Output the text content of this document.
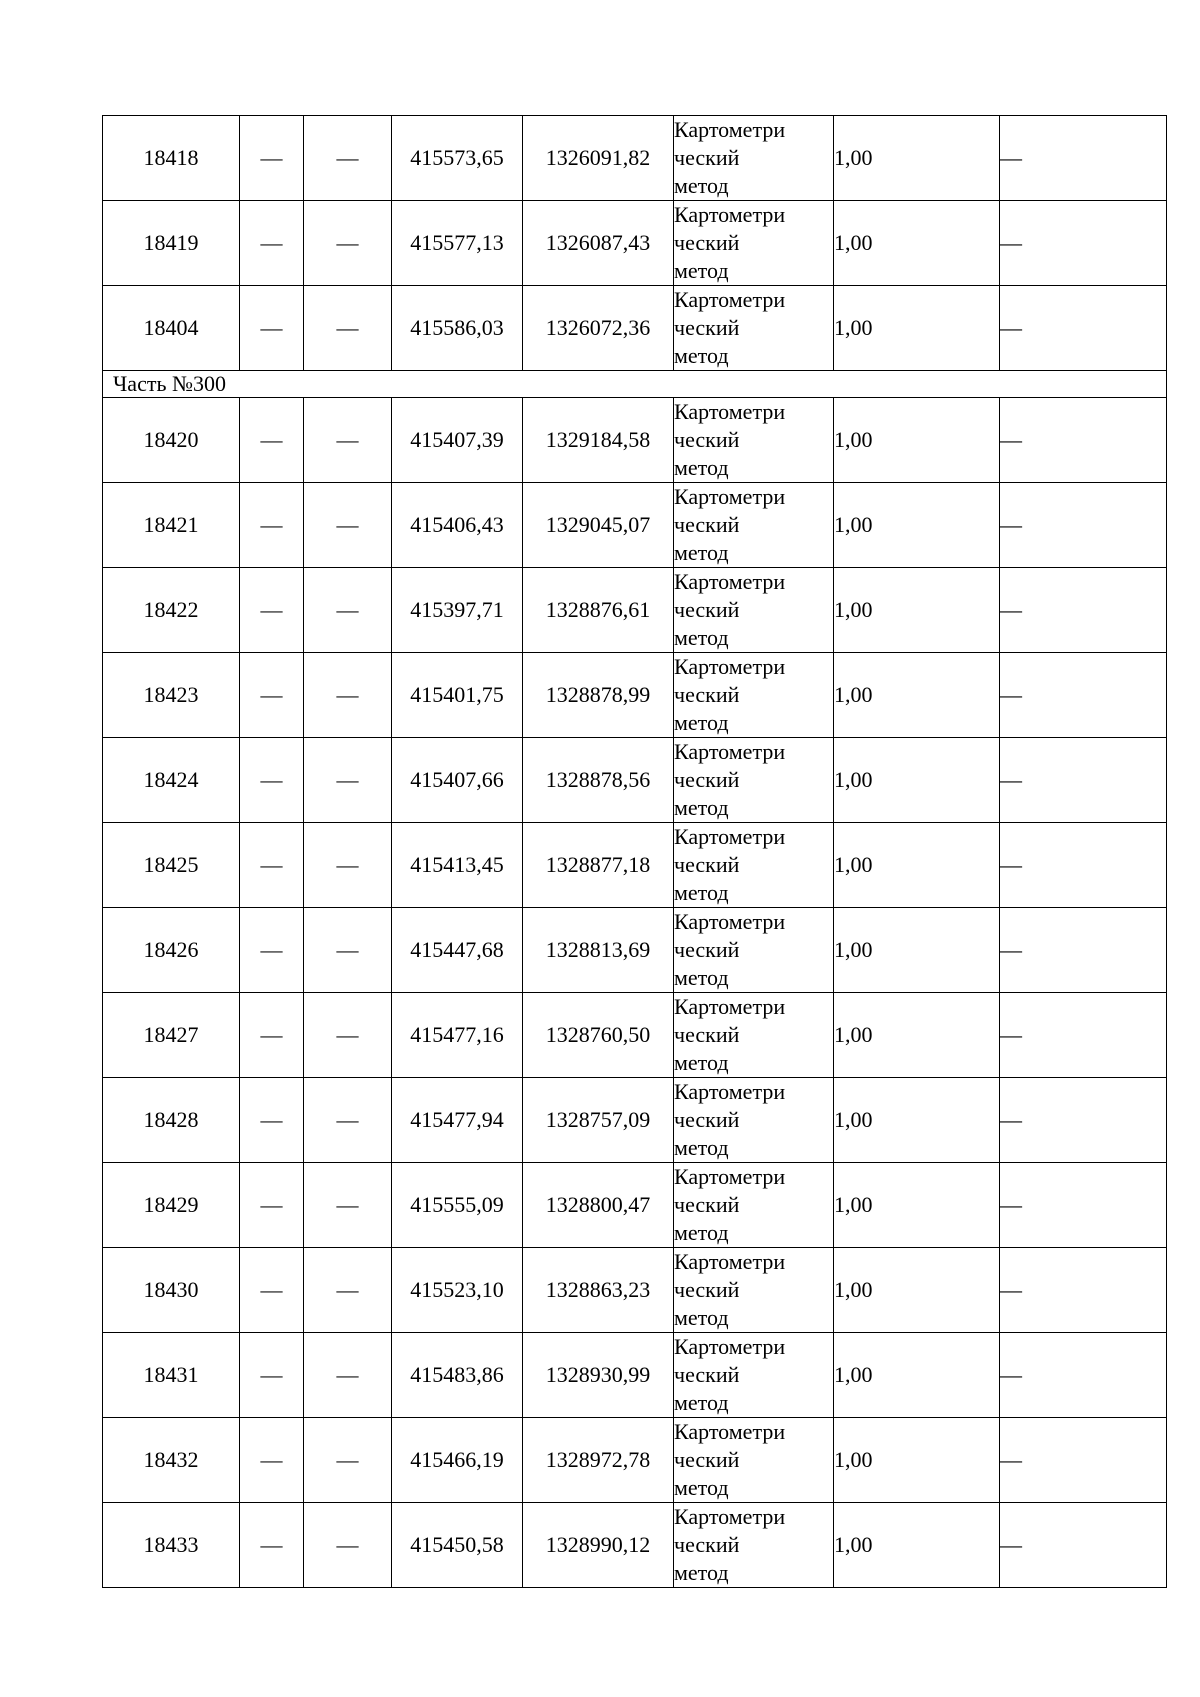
18418	—	—	415573,65	1326091,82	Картометри
ческий
метод	1,00	—
18419	—	—	415577,13	1326087,43	Картометри
ческий
метод	1,00	—
18404	—	—	415586,03	1326072,36	Картометри
ческий
метод	1,00	—
Часть №300							
18420	—	—	415407,39	1329184,58	Картометри
ческий
метод	1,00	—
18421	—	—	415406,43	1329045,07	Картометри
ческий
метод	1,00	—
18422	—	—	415397,71	1328876,61	Картометри
ческий
метод	1,00	—
18423	—	—	415401,75	1328878,99	Картометри
ческий
метод	1,00	—
18424	—	—	415407,66	1328878,56	Картометри
ческий
метод	1,00	—
18425	—	—	415413,45	1328877,18	Картометри
ческий
метод	1,00	—
18426	—	—	415447,68	1328813,69	Картометри
ческий
метод	1,00	—
18427	—	—	415477,16	1328760,50	Картометри
ческий
метод	1,00	—
18428	—	—	415477,94	1328757,09	Картометри
ческий
метод	1,00	—
18429	—	—	415555,09	1328800,47	Картометри
ческий
метод	1,00	—
18430	—	—	415523,10	1328863,23	Картометри
ческий
метод	1,00	—
18431	—	—	415483,86	1328930,99	Картометри
ческий
метод	1,00	—
18432	—	—	415466,19	1328972,78	Картометри
ческий
метод	1,00	—
18433	—	—	415450,58	1328990,12	Картометри
ческий
метод	1,00	—
